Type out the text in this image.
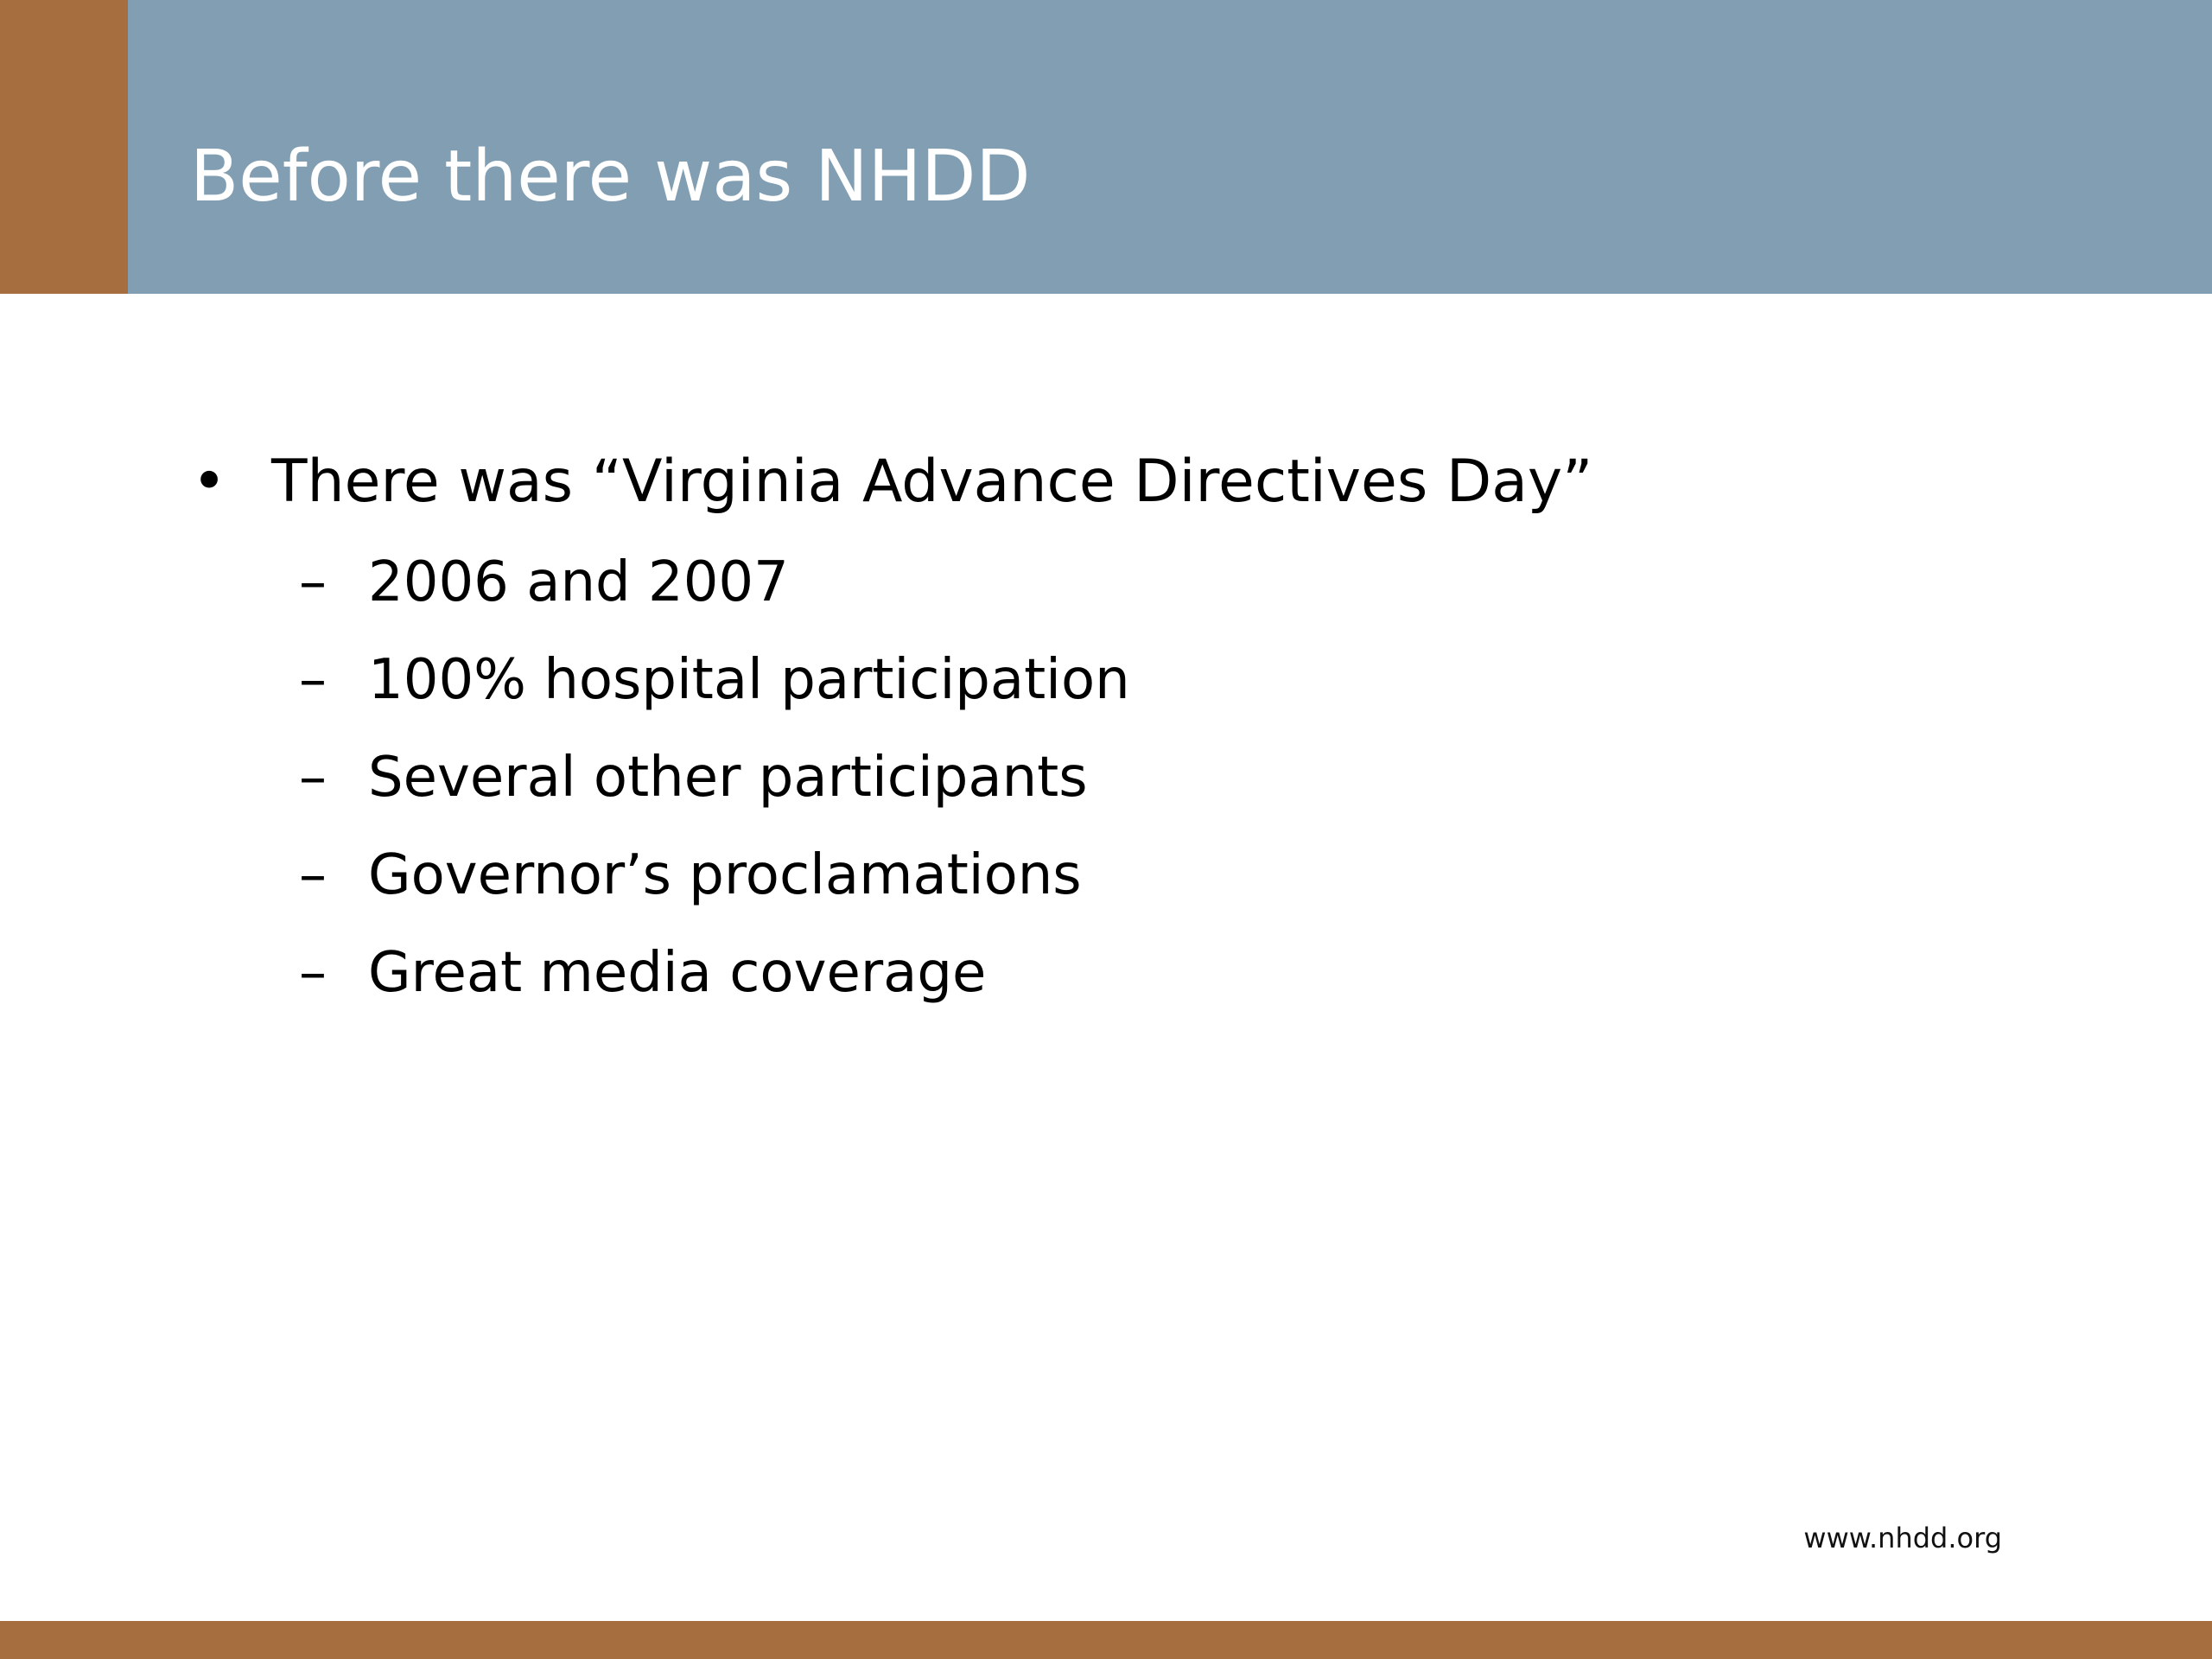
Before there was NHDD
• There was “Virginia Advance Directives Day”
– 2006 and 2007
– 100% hospital participation
– Several other participants
– Governor’s proclamations
– Great media coverage
www.nhdd.org
